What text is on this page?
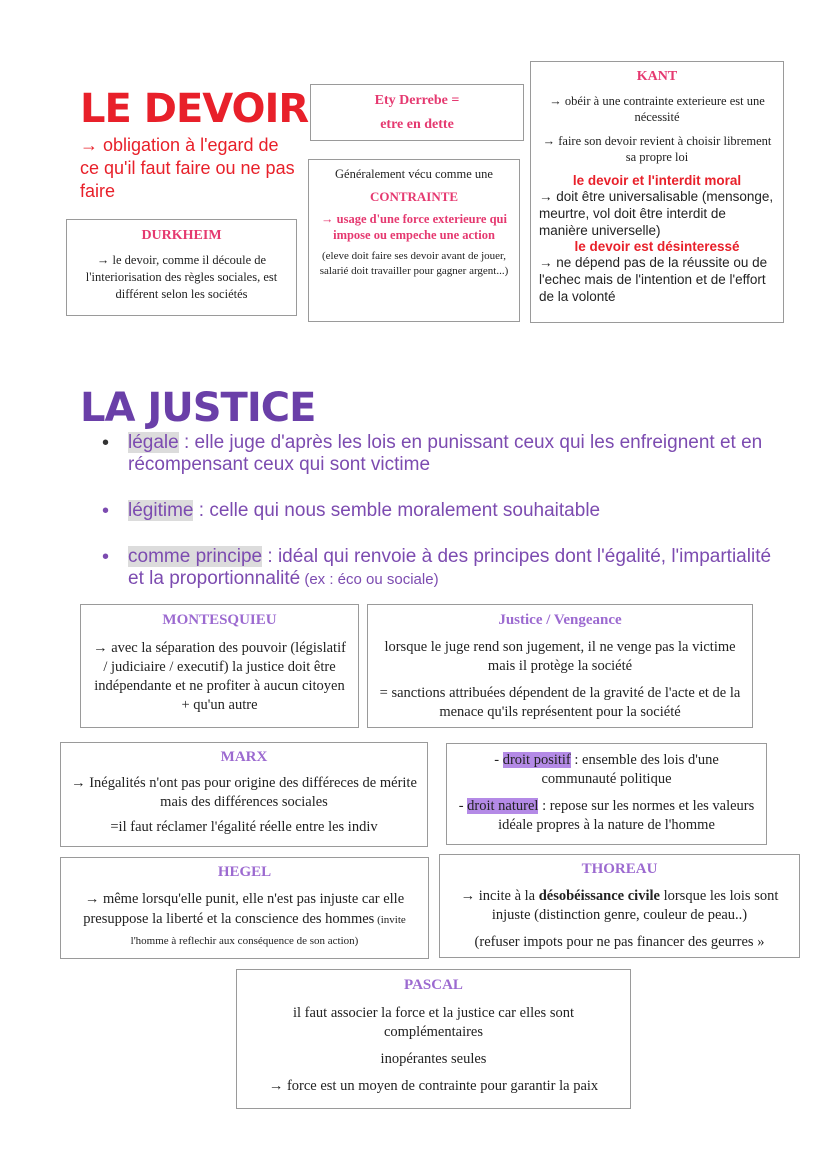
LE DEVOIR
→ obligation à l'egard de ce qu'il faut faire ou ne pas faire

DURKHEIM

→ le devoir, comme il découle de l'interiorisation des règles sociales, est différent selon les sociétés

Ety Derrebe =

etre en dette

Généralement vécu comme une

CONTRAINTE

→ usage d'une force exterieure qui impose ou empeche une action

(eleve doit faire ses devoir avant de jouer, salarié doit travailler pour gagner argent...)

KANT

→ obéir à une contrainte exterieure est une nécessité

→ faire son devoir revient à choisir librement sa propre loi

le devoir et l'interdit moral

→ doit être universalisable (mensonge, meurtre, vol doit être interdit de manière universelle)

le devoir est désinteressé

→ ne dépend pas de la réussite ou de l'echec mais de l'intention et de l'effort de la volonté

LA JUSTICE
• légale : elle juge d'après les lois en punissant ceux qui les enfreignent et en récompensant ceux qui sont victime
• légitime : celle qui nous semble moralement souhaitable
• comme principe : idéal qui renvoie à des principes dont l'égalité, l'impartialité et la proportionnalité (ex : éco ou sociale)

MONTESQUIEU

→ avec la séparation des pouvoir (législatif / judiciaire / executif) la justice doit être indépendante et ne profiter à aucun citoyen + qu'un autre

Justice / Vengeance

lorsque le juge rend son jugement, il ne venge pas la victime mais il protège la société

= sanctions attribuées dépendent de la gravité de l'acte et de la menace qu'ils représentent pour la société

MARX

→ Inégalités n'ont pas pour origine des différeces de mérite mais des différences sociales

=il faut réclamer l'égalité réelle entre les indiv

- droit positif : ensemble des lois d'une communauté politique

- droit naturel : repose sur les normes et les valeurs idéale propres à la nature de l'homme

HEGEL

→ même lorsqu'elle punit, elle n'est pas injuste car elle presuppose la liberté et la conscience des hommes (invite l'homme à reflechir aux conséquence de son action)

THOREAU

→ incite à la désobéissance civile lorsque les lois sont injuste (distinction genre, couleur de peau..)

(refuser impots pour ne pas financer des geurres »

PASCAL

il faut associer la force et la justice car elles sont complémentaires

inopérantes seules

→ force est un moyen de contrainte pour garantir la paix
